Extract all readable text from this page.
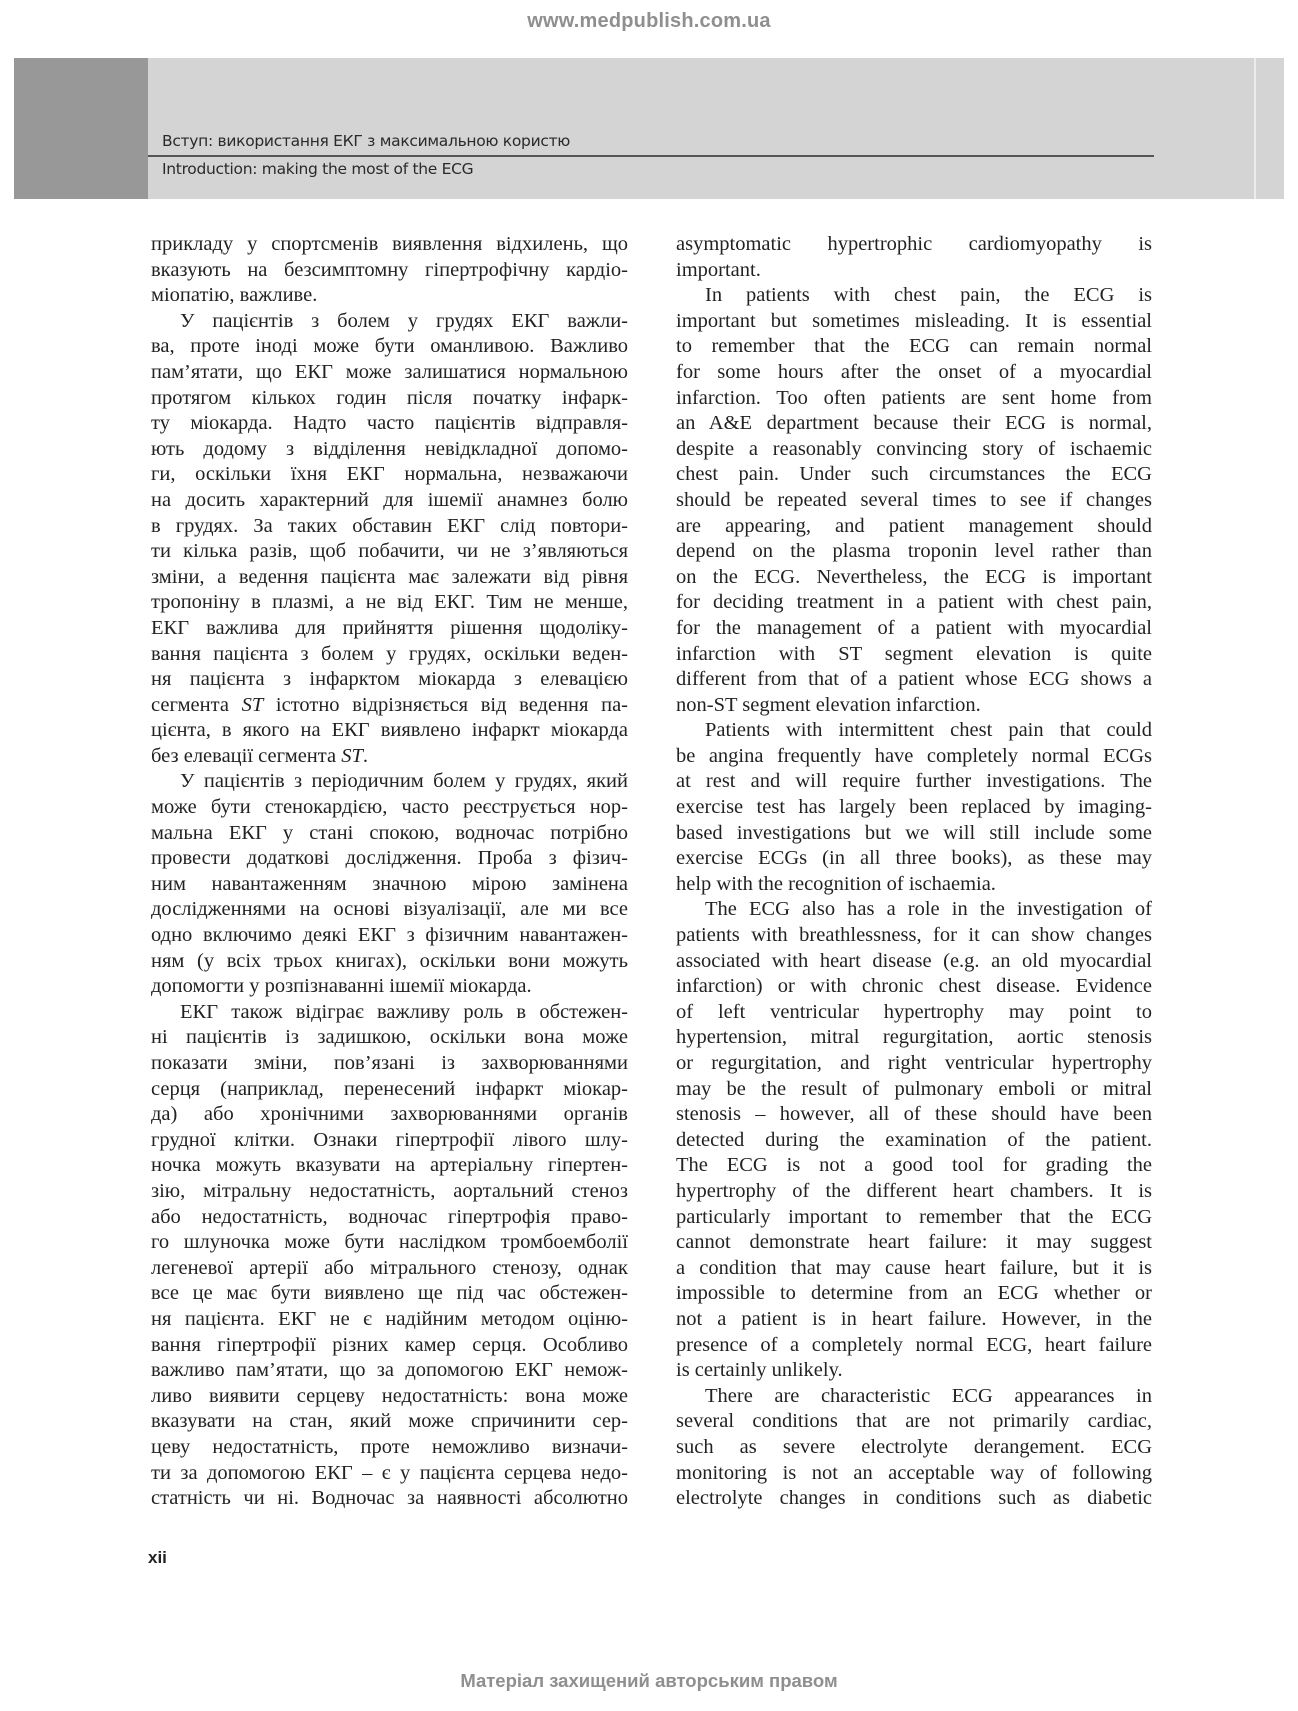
www.medpublish.com.ua
Вступ: використання ЕКГ з максимальною користю
Introduction: making the most of the ECG
прикладу у спортсменів виявлення відхилень, що
вказують на безсимптомну гіпертрофічну кардіо-
міопатію, важливе.
У пацієнтів з болем у грудях ЕКГ важли-
ва, проте іноді може бути оманливою. Важливо
пам’ятати, що ЕКГ може залишатися нормальною
протягом кількох годин після початку інфарк-
ту міокарда. Надто часто пацієнтів відправля-
ють додому з відділення невідкладної допомо-
ги, оскільки їхня ЕКГ нормальна, незважаючи
на досить характерний для ішемії анамнез болю
в грудях. За таких обставин ЕКГ слід повтори-
ти кілька разів, щоб побачити, чи не з’являються
зміни, а ведення пацієнта має залежати від рівня
тропоніну в плазмі, а не від ЕКГ. Тим не менше,
ЕКГ важлива для прийняття рішення щодоліку-
вання пацієнта з болем у грудях, оскільки веден-
ня пацієнта з інфарктом міокарда з елевацією
сегмента ST істотно відрізняється від ведення па-
цієнта, в якого на ЕКГ виявлено інфаркт міокарда
без елевації сегмента ST.
У пацієнтів з періодичним болем у грудях, який
може бути стенокардією, часто реєструється нор-
мальна ЕКГ у стані спокою, водночас потрібно
провести додаткові дослідження. Проба з фізич-
ним навантаженням значною мірою замінена
дослідженнями на основі візуалізації, але ми все
одно включимо деякі ЕКГ з фізичним навантажен-
ням (у всіх трьох книгах), оскільки вони можуть
допомогти у розпізнаванні ішемії міокарда.
ЕКГ також відіграє важливу роль в обстежен-
ні пацієнтів із задишкою, оскільки вона може
показати зміни, пов’язані із захворюваннями
серця (наприклад, перенесений інфаркт міокар-
да) або хронічними захворюваннями органів
грудної клітки. Ознаки гіпертрофії лівого шлу-
ночка можуть вказувати на артеріальну гіпертен-
зію, мітральну недостатність, аортальний стеноз
або недостатність, водночас гіпертрофія право-
го шлуночка може бути наслідком тромбоемболії
легеневої артерії або мітрального стенозу, однак
все це має бути виявлено ще під час обстежен-
ня пацієнта. ЕКГ не є надійним методом оціню-
вання гіпертрофії різних камер серця. Особливо
важливо пам’ятати, що за допомогою ЕКГ немож-
ливо виявити серцеву недостатність: вона може
вказувати на стан, який може спричинити сер-
цеву недостатність, проте неможливо визначи-
ти за допомогою ЕКГ – є у пацієнта серцева недо-
статність чи ні. Водночас за наявності абсолютно
asymptomatic hypertrophic cardiomyopathy is
important.
In patients with chest pain, the ECG is
important but sometimes misleading. It is essential
to remember that the ECG can remain normal
for some hours after the onset of a myocardial
infarction. Too often patients are sent home from
an A&E department because their ECG is normal,
despite a reasonably convincing story of ischaemic
chest pain. Under such circumstances the ECG
should be repeated several times to see if changes
are appearing, and patient management should
depend on the plasma troponin level rather than
on the ECG. Nevertheless, the ECG is important
for deciding treatment in a patient with chest pain,
for the management of a patient with myocardial
infarction with ST segment elevation is quite
different from that of a patient whose ECG shows a
non-ST segment elevation infarction.
Patients with intermittent chest pain that could
be angina frequently have completely normal ECGs
at rest and will require further investigations. The
exercise test has largely been replaced by imaging-
based investigations but we will still include some
exercise ECGs (in all three books), as these may
help with the recognition of ischaemia.
The ECG also has a role in the investigation of
patients with breathlessness, for it can show changes
associated with heart disease (e.g. an old myocardial
infarction) or with chronic chest disease. Evidence
of left ventricular hypertrophy may point to
hypertension, mitral regurgitation, aortic stenosis
or regurgitation, and right ventricular hypertrophy
may be the result of pulmonary emboli or mitral
stenosis – however, all of these should have been
detected during the examination of the patient.
The ECG is not a good tool for grading the
hypertrophy of the different heart chambers. It is
particularly important to remember that the ECG
cannot demonstrate heart failure: it may suggest
a condition that may cause heart failure, but it is
impossible to determine from an ECG whether or
not a patient is in heart failure. However, in the
presence of a completely normal ECG, heart failure
is certainly unlikely.
There are characteristic ECG appearances in
several conditions that are not primarily cardiac,
such as severe electrolyte derangement. ECG
monitoring is not an acceptable way of following
electrolyte changes in conditions such as diabetic
xii
Матеріал захищений авторським правом
